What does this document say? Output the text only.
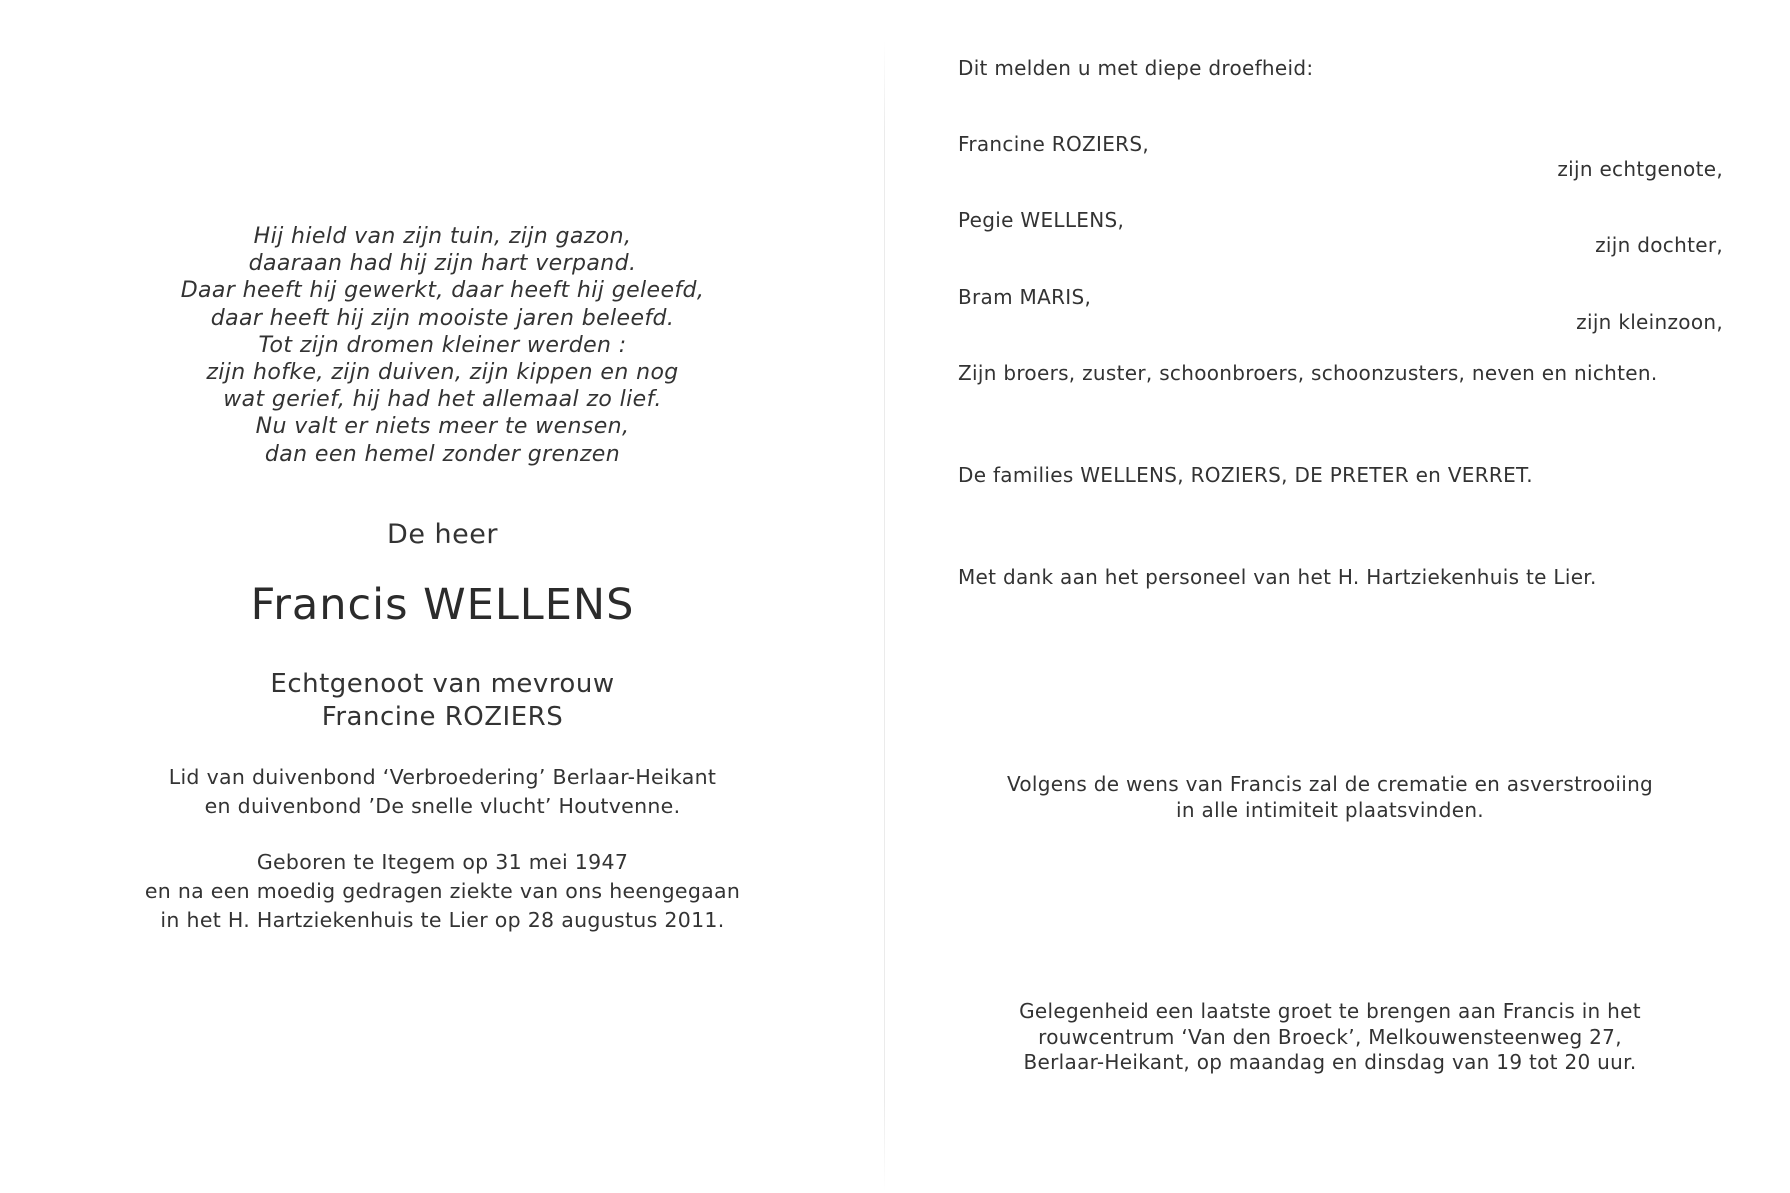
Hij hield van zijn tuin, zijn gazon,
daaraan had hij zijn hart verpand.
Daar heeft hij gewerkt, daar heeft hij geleefd,
daar heeft hij zijn mooiste jaren beleefd.
Tot zijn dromen kleiner werden :
zijn hofke, zijn duiven, zijn kippen en nog
wat gerief, hij had het allemaal zo lief.
Nu valt er niets meer te wensen,
dan een hemel zonder grenzen
De heer
Francis WELLENS
Echtgenoot van mevrouw
Francine ROZIERS
Lid van duivenbond ‘Verbroedering’ Berlaar-Heikant
en duivenbond ’De snelle vlucht’ Houtvenne.
Geboren te Itegem op 31 mei 1947
en na een moedig gedragen ziekte van ons heengegaan
in het H. Hartziekenhuis te Lier op 28 augustus 2011.
Dit melden u met diepe droefheid:
Francine ROZIERS,
zijn echtgenote,
Pegie WELLENS,
zijn dochter,
Bram MARIS,
zijn kleinzoon,
Zijn broers, zuster, schoonbroers, schoonzusters, neven en nichten.
De families WELLENS, ROZIERS, DE PRETER en VERRET.
Met dank aan het personeel van het H. Hartziekenhuis te Lier.
Volgens de wens van Francis zal de crematie en asverstrooiing
in alle intimiteit plaatsvinden.
Gelegenheid een laatste groet te brengen aan Francis in het
rouwcentrum ‘Van den Broeck’, Melkouwensteenweg 27,
Berlaar-Heikant, op maandag en dinsdag van 19 tot 20 uur.
